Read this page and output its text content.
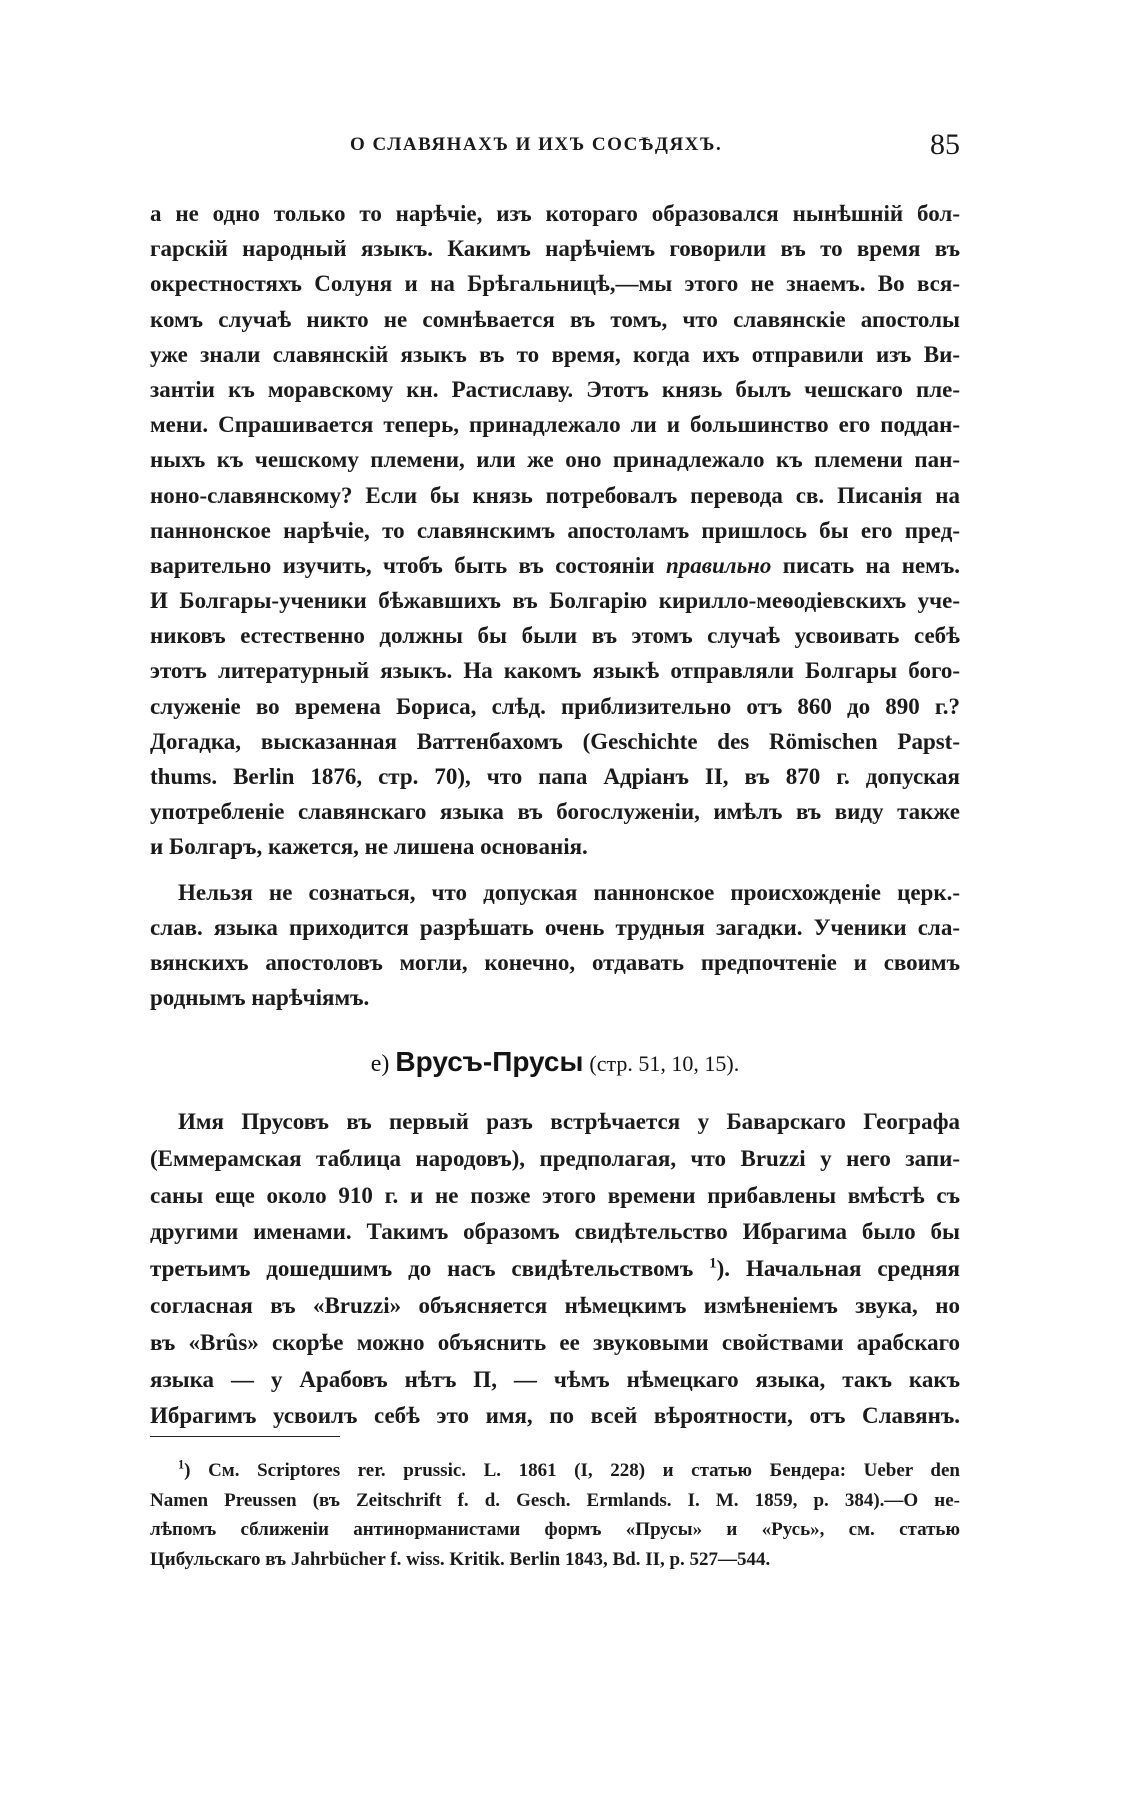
О СЛАВЯНАХЪ И ИХЪ СОСѢДЯХЪ.	85
а не одно только то нарѣчіе, изъ котораго образовался нынѣшній бол-
гарскій народный языкъ. Какимъ нарѣчіемъ говорили въ то время въ
окрестностяхъ Солуня и на Брѣгальницѣ,—мы этого не знаемъ. Во вся-
комъ случаѣ никто не сомнѣвается въ томъ, что славянскіе апостолы
уже знали славянскій языкъ въ то время, когда ихъ отправили изъ Ви-
зантіи къ моравскому кн. Растиславу. Этотъ князь былъ чешскаго пле-
мени. Спрашивается теперь, принадлежало ли и большинство его поддан-
ныхъ къ чешскому племени, или же оно принадлежало къ племени пан-
ноно-славянскому? Если бы князь потребовалъ перевода св. Писанія на
паннонское нарѣчіе, то славянскимъ апостоламъ пришлось бы его пред-
варительно изучить, чтобъ быть въ состояніи правильно писать на немъ.
И Болгары-ученики бѣжавшихъ въ Болгарію кирилло-меѳодіевскихъ уче-
никовъ естественно должны бы были въ этомъ случаѣ усвоивать себѣ
этотъ литературный языкъ. На какомъ языкѣ отправляли Болгары бого-
служеніе во времена Бориса, слѣд. приблизительно отъ 860 до 890 г.?
Догадка, высказанная Ваттенбахомъ (Geschichte des Römischen Papst-
thums. Berlin 1876, стр. 70), что папа Адріанъ II, въ 870 г. допуская
употребленіе славянскаго языка въ богослуженіи, имѣлъ въ виду также
и Болгаръ, кажется, не лишена основанія.
Нельзя не сознаться, что допуская паннонское происхожденіе церк.-
слав. языка приходится разрѣшать очень трудныя загадки. Ученики сла-
вянскихъ апостоловъ могли, конечно, отдавать предпочтеніе и своимъ
роднымъ нарѣчіямъ.
е) Врусъ-Прусы (стр. 51, 10, 15).
Имя Прусовъ въ первый разъ встрѣчается у Баварскаго Географа
(Еммерамская таблица народовъ), предполагая, что Bruzzi у него запи-
саны еще около 910 г. и не позже этого времени прибавлены вмѣстѣ съ
другими именами. Такимъ образомъ свидѣтельство Ибрагима было бы
третьимъ дошедшимъ до насъ свидѣтельствомъ $^1$). Начальная средняя
согласная въ «Bruzzi» объясняется нѣмецкимъ измѣненіемъ звука, но
въ «Brûs» скорѣе можно объяснить ее звуковыми свойствами арабскаго
языка — у Арабовъ нѣтъ П, — чѣмъ нѣмецкаго языка, такъ какъ
Ибрагимъ усвоилъ себѣ это имя, по всей вѣроятности, отъ Славянъ.
$^1$) См. Scriptores rer. prussic. L. 1861 (I, 228) и статью Бендера: Ueber den
Namen Preussen (въ Zeitschrift f. d. Gesch. Ermlands. I. M. 1859, p. 384).—О не-
лѣпомъ сближеніи антинорманистами формъ «Прусы» и «Русь», см. статью
Цибульскаго въ Jahrbücher f. wiss. Kritik. Berlin 1843, Bd. II, p. 527—544.
